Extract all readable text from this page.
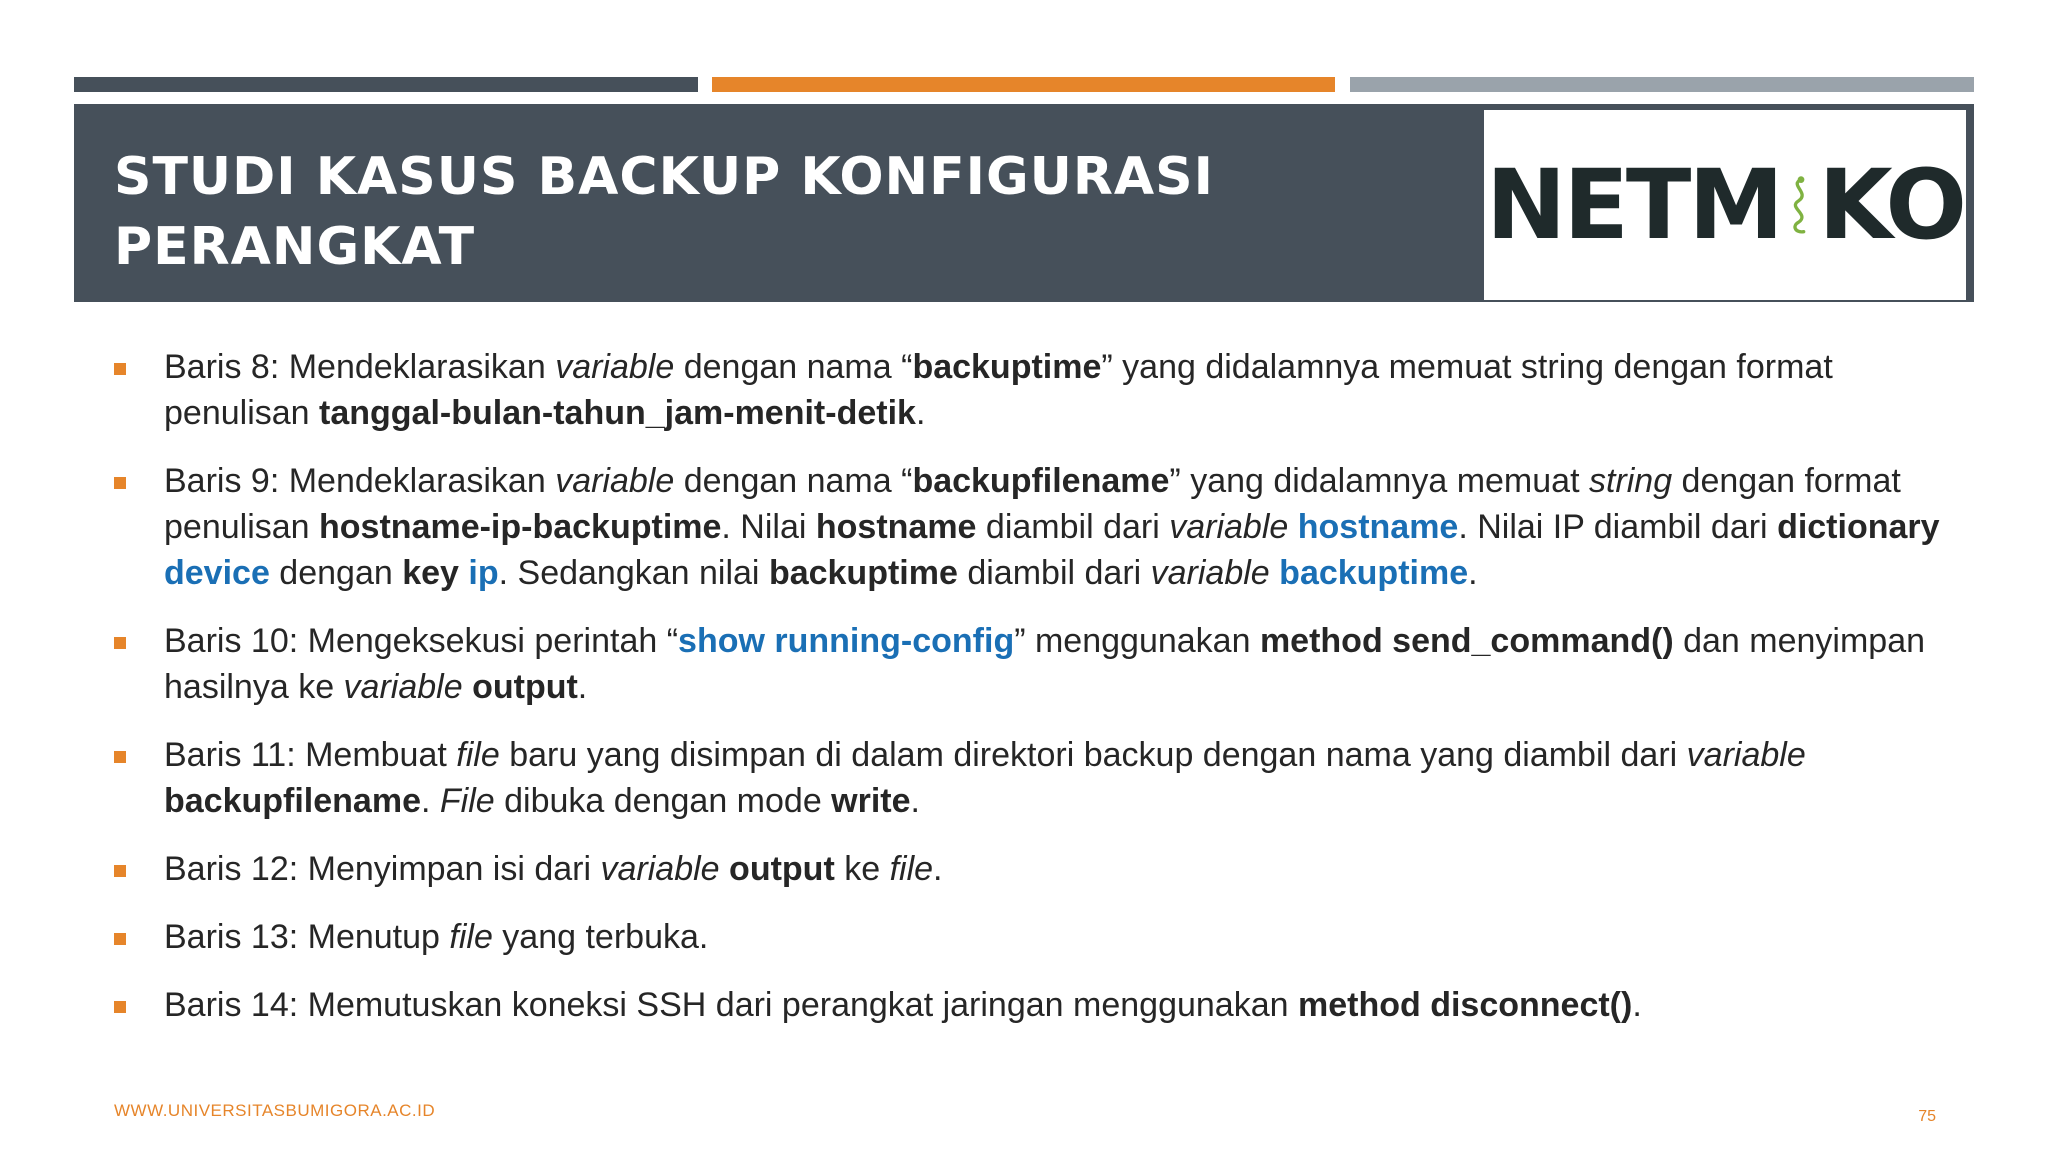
STUDI KASUS BACKUP KONFIGURASI
PERANGKAT	NETM KO
Baris 8: Mendeklarasikan variable dengan nama “backuptime” yang didalamnya memuat string dengan format penulisan tanggal-bulan-tahun_jam-menit-detik.
Baris 9: Mendeklarasikan variable dengan nama “backupfilename” yang didalamnya memuat string dengan format penulisan hostname-ip-backuptime. Nilai hostname diambil dari variable hostname. Nilai IP diambil dari dictionary device dengan key ip. Sedangkan nilai backuptime diambil dari variable backuptime.
Baris 10: Mengeksekusi perintah “show running-config” menggunakan method send_command() dan menyimpan hasilnya ke variable output.
Baris 11: Membuat file baru yang disimpan di dalam direktori backup dengan nama yang diambil dari variable backupfilename. File dibuka dengan mode write.
Baris 12: Menyimpan isi dari variable output ke file.
Baris 13: Menutup file yang terbuka.
Baris 14: Memutuskan koneksi SSH dari perangkat jaringan menggunakan method disconnect().
WWW.UNIVERSITASBUMIGORA.AC.ID	75
